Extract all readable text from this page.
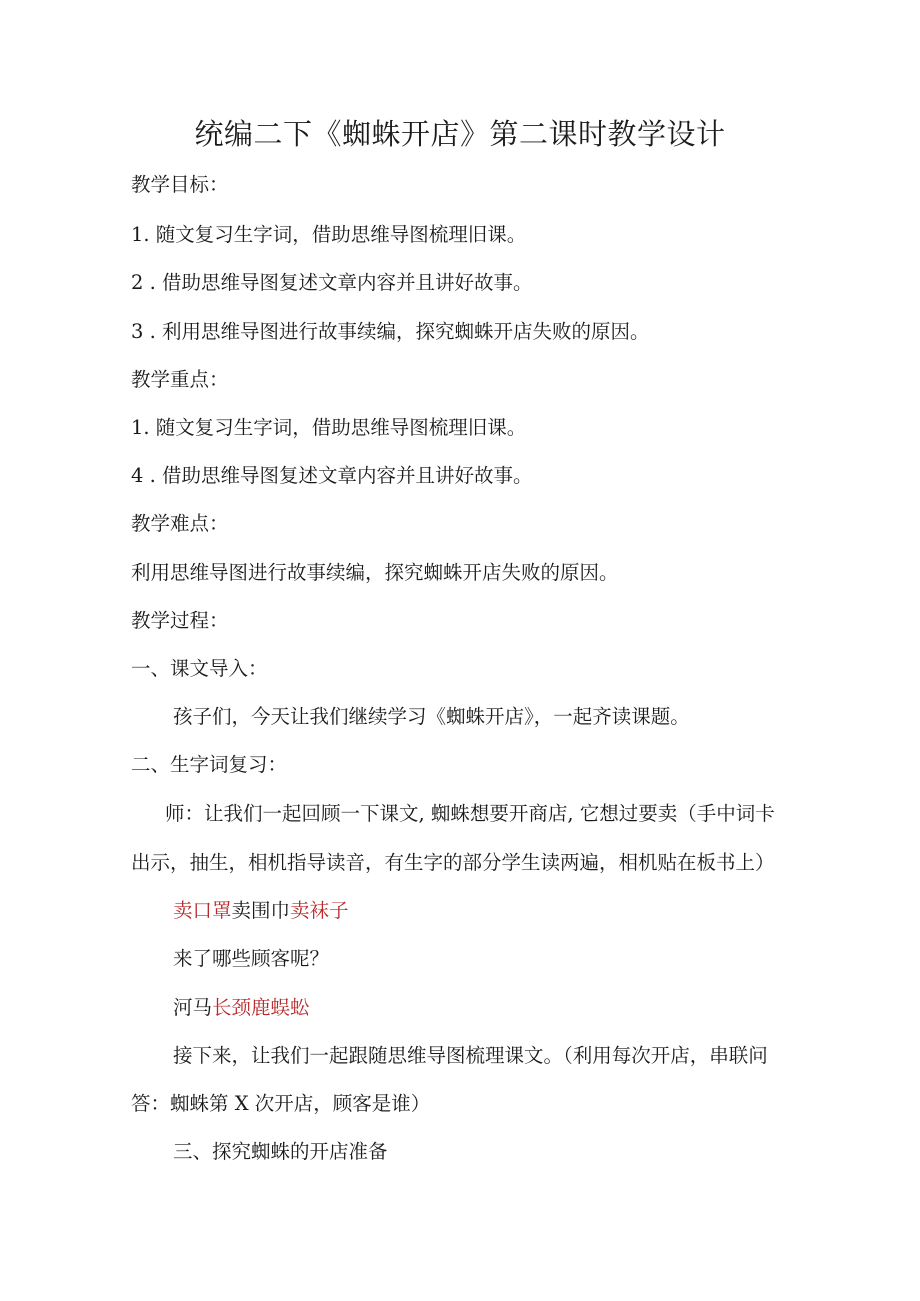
统编二下《蜘蛛开店》第二课时教学设计
教学目标：
1. 随文复习生字词，借助思维导图梳理旧课。
2 . 借助思维导图复述文章内容并且讲好故事。
3 . 利用思维导图进行故事续编，探究蜘蛛开店失败的原因。
教学重点：
1. 随文复习生字词，借助思维导图梳理旧课。
4 . 借助思维导图复述文章内容并且讲好故事。
教学难点：
利用思维导图进行故事续编，探究蜘蛛开店失败的原因。
教学过程：
一、课文导入：
孩子们，今天让我们继续学习《蜘蛛开店》，一起齐读课题。
二、生字词复习：
师：让我们一起回顾一下课文, 蜘蛛想要开商店, 它想过要卖（手中词卡
出示，抽生，相机指导读音，有生字的部分学生读两遍，相机贴在板书上）
卖口罩卖围巾卖袜子
来了哪些顾客呢？
河马长颈鹿蜈蚣
接下来，让我们一起跟随思维导图梳理课文。（利用每次开店，串联问
答：蜘蛛第 X 次开店，顾客是谁）
三、探究蜘蛛的开店准备
